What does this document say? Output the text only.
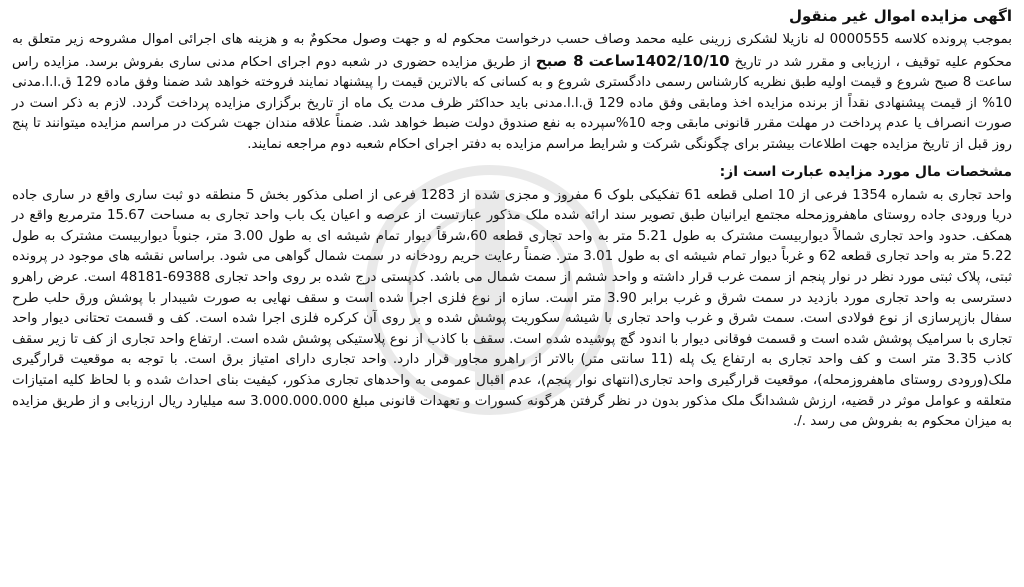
اگهی مزایده اموال غیر منقول

بموجب پرونده کلاسه 0000555 له نازیلا لشکری زرینی علیه محمد وصاف حسب درخواست محکوم له و جهت وصول محکومٌ به و هزینه های اجرائی اموال مشروحه زیر متعلق به محکوم علیه توقیف ، ارزیابی و مقرر شد در تاریخ 1402/10/10ساعت 8 صبح از طریق مزایده حضوری در شعبه دوم اجرای احکام مدنی ساری بفروش برسد. مزایده راس ساعت 8 صبح شروع و قیمت اولیه طبق نظریه کارشناس رسمی دادگستری شروع و به کسانی که بالاترین قیمت را پیشنهاد نمایند فروخته خواهد شد ضمنا وفق ماده 129 ق.ا.ا.مدنی 10% از قیمت پیشنهادی نقداً از برنده مزایده اخذ ومابقی وفق ماده 129 ق.ا.ا.مدنی باید حداکثر ظرف مدت یک ماه از تاریخ برگزاری مزایده پرداخت گردد. لازم به ذکر است در صورت انصراف یا عدم پرداخت در مهلت مقرر قانونی مابقی وجه 10%سپرده به نفع صندوق دولت ضبط خواهد شد. ضمناً علاقه مندان جهت شرکت در مراسم مزایده میتوانند تا پنج روز قبل از تاریخ مزایده جهت اطلاعات بیشتر برای چگونگی شرکت و شرایط مراسم مزایده به دفتر اجرای احکام شعبه دوم مراجعه نمایند.

مشخصات مال مورد مزایده عبارت است از:

واحد تجاری به شماره 1354 فرعی از 10 اصلی قطعه 61 تفکیکی بلوک 6 مفروز و مجزی شده از 1283 فرعی از اصلی مذکور بخش 5 منطقه دو ثبت ساری واقع در ساری جاده دریا ورودی جاده روستای ماهفروزمحله مجتمع ایرانیان طبق تصویر سند ارائه شده ملک مذکور عبارتست از عرصه و اعیان یک باب واحد تجاری به مساحت 15.67 مترمربع واقع در همکف. حدود واحد تجاری شمالاً دیواربیست مشترک به طول 5.21 متر به واحد تجاری قطعه 60،شرقاً دیوار تمام شیشه ای به طول 3.00 متر، جنوباً دیواربیست مشترک به طول 5.22 متر به واحد تجاری قطعه 62 و غرباً دیوار تمام شیشه ای به طول 3.01 متر. ضمناً رعایت حریم رودخانه در سمت شمال گواهی می شود. براساس نقشه های موجود در پرونده ثبتی، پلاک ثبتی مورد نظر در نوار پنجم از سمت غرب قرار داشته و واحد ششم از سمت شمال می باشد. کدپستی درج شده بر روی واحد تجاری 69388-48181 است. عرض راهرو دسترسی به واحد تجاری مورد بازدید در سمت شرق و غرب برابر 3.90 متر است. سازه از نوع فلزی اجرا شده است و سقف نهایی به صورت شیبدار با پوشش ورق حلب طرح سفال بازپرسازی از نوع فولادی است. سمت شرق و غرب واحد تجاری با شیشه سکوریت پوشش شده و بر روی آن کرکره فلزی اجرا شده است. کف و قسمت تحتانی دیوار واحد تجاری با سرامیک پوشش شده است و قسمت فوقانی دیوار با اندود گچ پوشیده شده است. سقف با کاذب از نوع پلاستیکی پوشش شده است. ارتفاع واحد تجاری از کف تا زیر سقف کاذب 3.35 متر است و کف واحد تجاری به ارتفاع یک پله (11 سانتی متر) بالاتر از راهرو مجاور قرار دارد. واحد تجاری دارای امتیاز برق است. با توجه به موقعیت قرارگیری ملک(ورودی روستای ماهفروزمحله)، موقعیت قرارگیری واحد تجاری(انتهای نوار پنجم)، عدم اقبال عمومی به واحدهای تجاری مذکور، کیفیت بنای احداث شده و با لحاظ کلیه امتیازات متعلقه و عوامل موثر در قضیه، ارزش ششدانگ ملک مذکور بدون در نظر گرفتن هرگونه کسورات و تعهدات قانونی مبلغ 3.000.000.000 سه میلیارد ریال ارزیابی و از طریق مزایده به میزان محکوم به بفروش می رسد ./.
